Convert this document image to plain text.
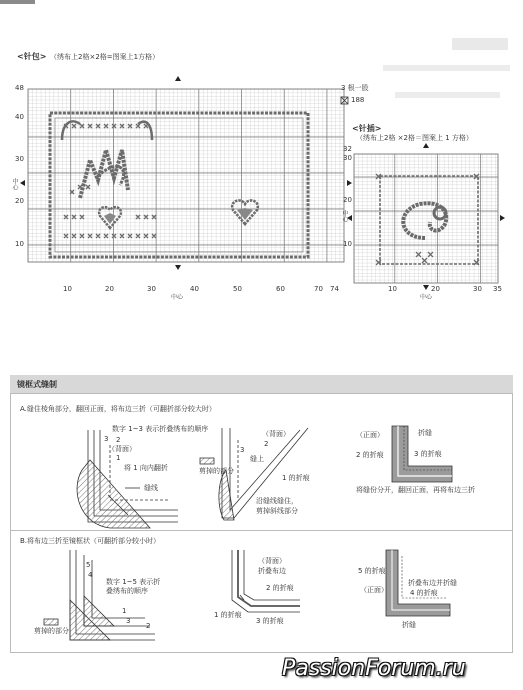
<针包> （绣布上2格×2格=图案上1方格）
48
40
30
20
10
中心
10	20	30	40	50	60	70 74
中心
3 根一股
188
<针插>
（绣布上2格 ×2格＝图案上 1 方格）
32
30
20
10
中心
10	20	30 35
中心
镜框式缝制
A.缝住棱角部分，翻回正面，将布边三折（可翻折部分较大时）
B.将布边三折至镜框状（可翻折部分较小时）
数字 1~3 表示折叠绣布的顺序
3 2
（背面）
1
将 1 向内翻折
缝线
（背面）
2
3
缝上
剪掉的部分
1 的折痕
沿缝线缝住，
剪掉斜线部分
（正面）	折缝
2 的折痕	3 的折痕
将缝份分开，翻回正面，再将布边三折
5
4
数字 1~5 表示折
叠绣布的顺序
1
3
2
剪掉的部分
（背面）
折叠布边
2 的折痕
1 的折痕
3 的折痕
5 的折痕
折叠布边并折缝
（正面）	4 的折痕
折缝
PassionForum.ru
